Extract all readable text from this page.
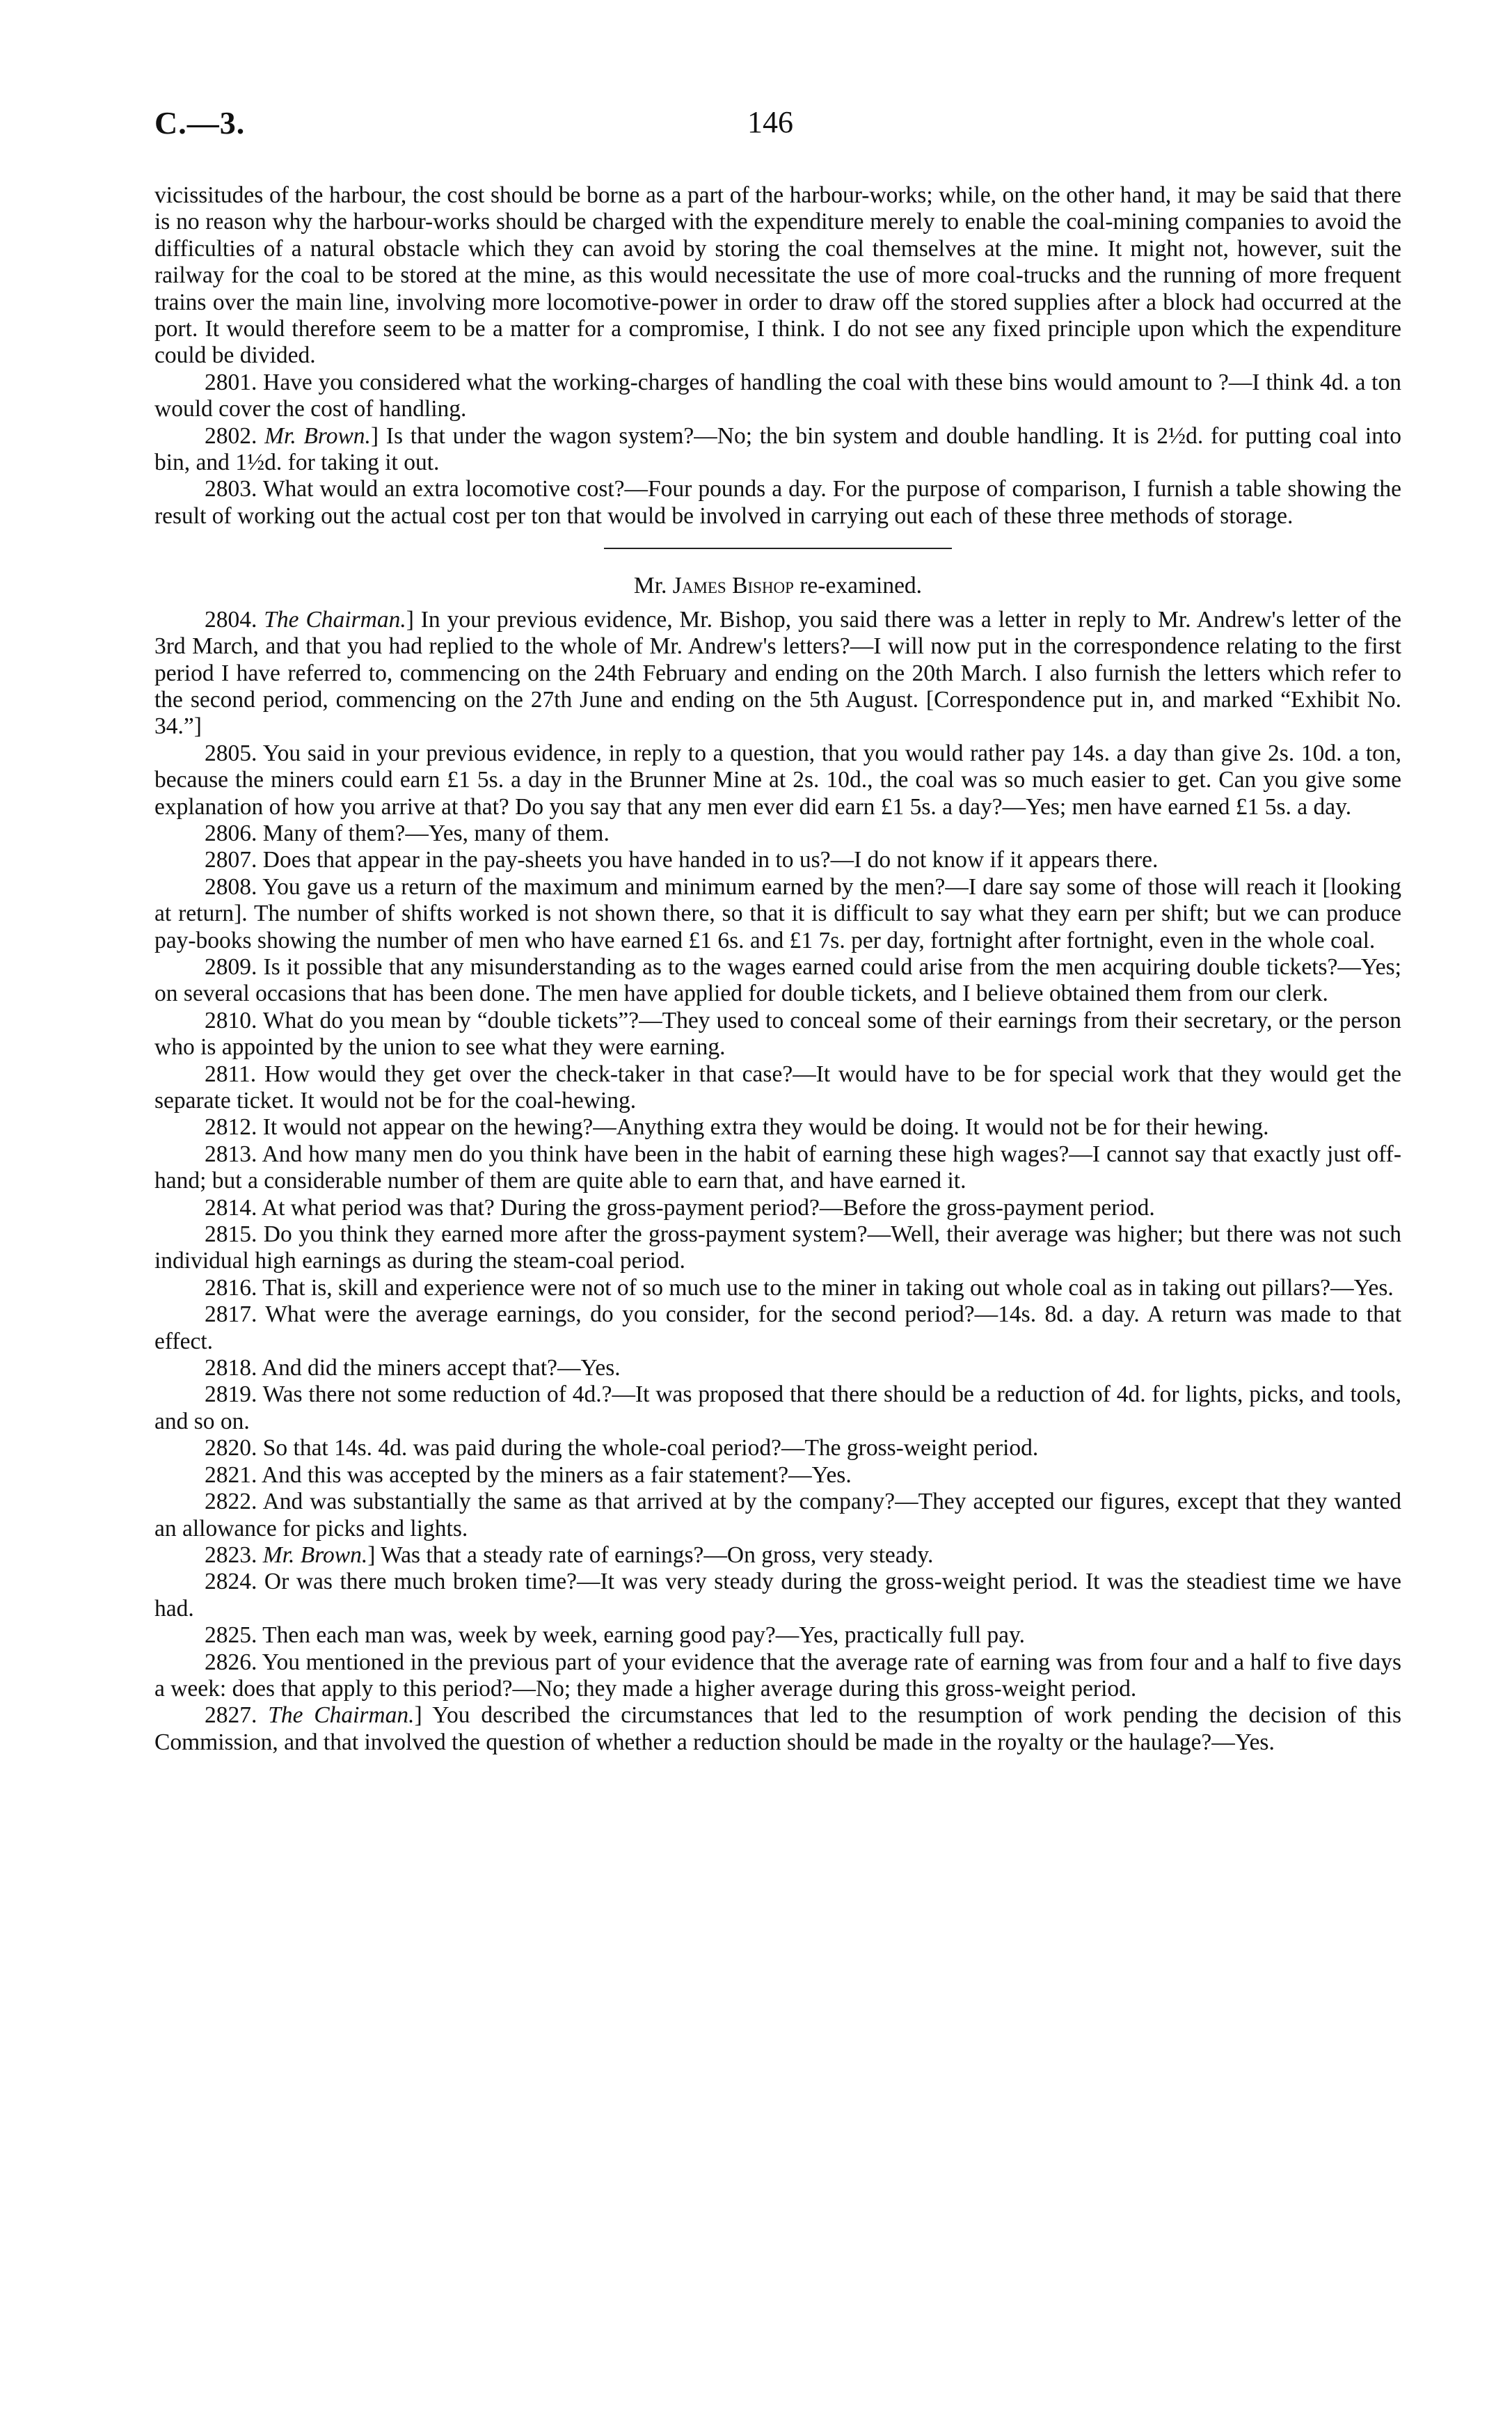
C.—3.	146

vicissitudes of the harbour, the cost should be borne as a part of the harbour-works; while, on the other hand, it may be said that there is no reason why the harbour-works should be charged with the expenditure merely to enable the coal-mining companies to avoid the difficulties of a natural obstacle which they can avoid by storing the coal themselves at the mine. It might not, however, suit the railway for the coal to be stored at the mine, as this would necessitate the use of more coal-trucks and the running of more frequent trains over the main line, involving more locomotive-power in order to draw off the stored supplies after a block had occurred at the port. It would therefore seem to be a matter for a compromise, I think. I do not see any fixed principle upon which the expenditure could be divided.

2801. Have you considered what the working-charges of handling the coal with these bins would amount to ?—I think 4d. a ton would cover the cost of handling.

2802. Mr. Brown.] Is that under the wagon system?—No; the bin system and double handling. It is 2½d. for putting coal into bin, and 1½d. for taking it out.

2803. What would an extra locomotive cost?—Four pounds a day. For the purpose of comparison, I furnish a table showing the result of working out the actual cost per ton that would be involved in carrying out each of these three methods of storage.

Mr. James Bishop re-examined.

2804. The Chairman.] In your previous evidence, Mr. Bishop, you said there was a letter in reply to Mr. Andrew's letter of the 3rd March, and that you had replied to the whole of Mr. Andrew's letters?—I will now put in the correspondence relating to the first period I have referred to, commencing on the 24th February and ending on the 20th March. I also furnish the letters which refer to the second period, commencing on the 27th June and ending on the 5th August. [Correspondence put in, and marked “Exhibit No. 34.”]

2805. You said in your previous evidence, in reply to a question, that you would rather pay 14s. a day than give 2s. 10d. a ton, because the miners could earn £1 5s. a day in the Brunner Mine at 2s. 10d., the coal was so much easier to get. Can you give some explanation of how you arrive at that? Do you say that any men ever did earn £1 5s. a day?—Yes; men have earned £1 5s. a day.

2806. Many of them?—Yes, many of them.

2807. Does that appear in the pay-sheets you have handed in to us?—I do not know if it appears there.

2808. You gave us a return of the maximum and minimum earned by the men?—I dare say some of those will reach it [looking at return]. The number of shifts worked is not shown there, so that it is difficult to say what they earn per shift; but we can produce pay-books showing the number of men who have earned £1 6s. and £1 7s. per day, fortnight after fortnight, even in the whole coal.

2809. Is it possible that any misunderstanding as to the wages earned could arise from the men acquiring double tickets?—Yes; on several occasions that has been done. The men have applied for double tickets, and I believe obtained them from our clerk.

2810. What do you mean by “double tickets”?—They used to conceal some of their earnings from their secretary, or the person who is appointed by the union to see what they were earning.

2811. How would they get over the check-taker in that case?—It would have to be for special work that they would get the separate ticket. It would not be for the coal-hewing.

2812. It would not appear on the hewing?—Anything extra they would be doing. It would not be for their hewing.

2813. And how many men do you think have been in the habit of earning these high wages?—I cannot say that exactly just off-hand; but a considerable number of them are quite able to earn that, and have earned it.

2814. At what period was that? During the gross-payment period?—Before the gross-payment period.

2815. Do you think they earned more after the gross-payment system?—Well, their average was higher; but there was not such individual high earnings as during the steam-coal period.

2816. That is, skill and experience were not of so much use to the miner in taking out whole coal as in taking out pillars?—Yes.

2817. What were the average earnings, do you consider, for the second period?—14s. 8d. a day. A return was made to that effect.

2818. And did the miners accept that?—Yes.

2819. Was there not some reduction of 4d.?—It was proposed that there should be a reduction of 4d. for lights, picks, and tools, and so on.

2820. So that 14s. 4d. was paid during the whole-coal period?—The gross-weight period.

2821. And this was accepted by the miners as a fair statement?—Yes.

2822. And was substantially the same as that arrived at by the company?—They accepted our figures, except that they wanted an allowance for picks and lights.

2823. Mr. Brown.] Was that a steady rate of earnings?—On gross, very steady.

2824. Or was there much broken time?—It was very steady during the gross-weight period. It was the steadiest time we have had.

2825. Then each man was, week by week, earning good pay?—Yes, practically full pay.

2826. You mentioned in the previous part of your evidence that the average rate of earning was from four and a half to five days a week: does that apply to this period?—No; they made a higher average during this gross-weight period.

2827. The Chairman.] You described the circumstances that led to the resumption of work pending the decision of this Commission, and that involved the question of whether a reduction should be made in the royalty or the haulage?—Yes.
